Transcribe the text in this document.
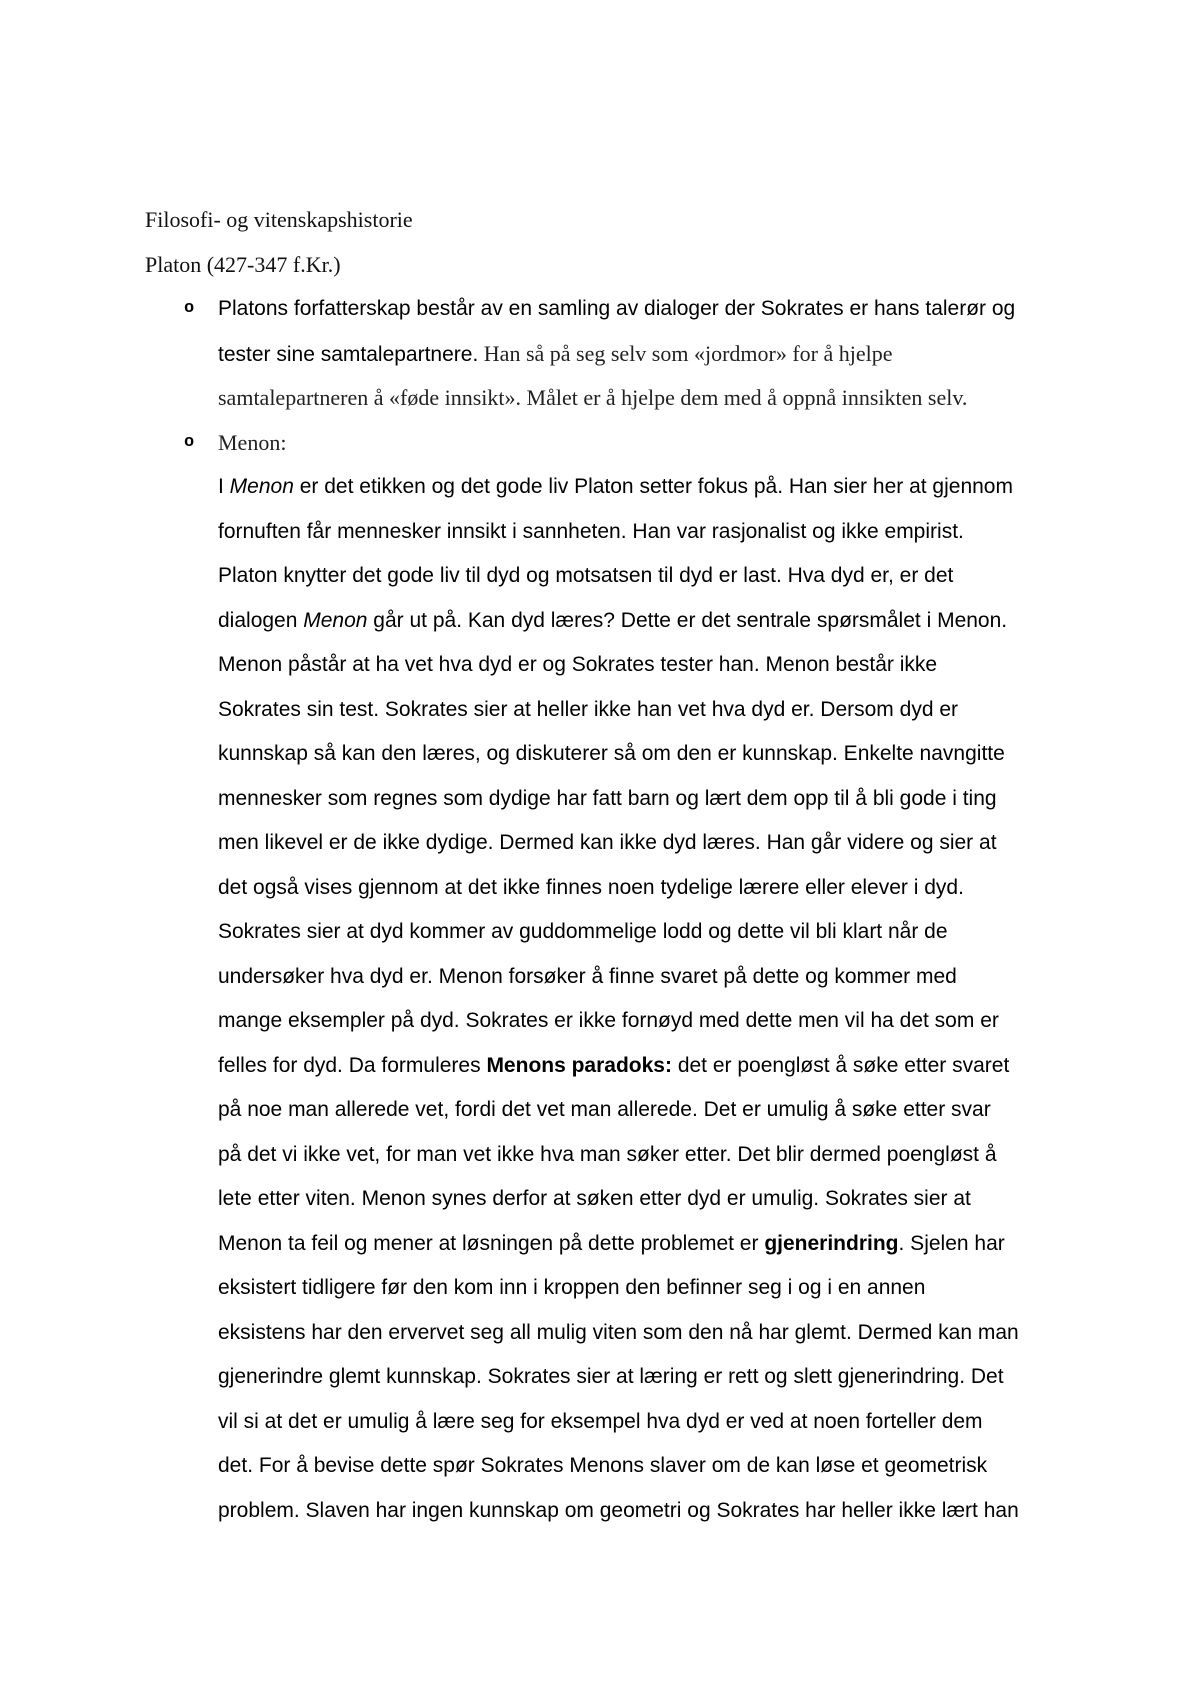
Filosofi- og vitenskapshistorie
Platon (427-347 f.Kr.)
o Platons forfatterskap består av en samling av dialoger der Sokrates er hans talerør og
tester sine samtalepartnere. Han så på seg selv som «jordmor» for å hjelpe
samtalepartneren å «føde innsikt». Målet er å hjelpe dem med å oppnå innsikten selv.
o Menon:
I Menon er det etikken og det gode liv Platon setter fokus på. Han sier her at gjennom
fornuften får mennesker innsikt i sannheten. Han var rasjonalist og ikke empirist.
Platon knytter det gode liv til dyd og motsatsen til dyd er last. Hva dyd er, er det
dialogen Menon går ut på. Kan dyd læres? Dette er det sentrale spørsmålet i Menon.
Menon påstår at ha vet hva dyd er og Sokrates tester han. Menon består ikke
Sokrates sin test. Sokrates sier at heller ikke han vet hva dyd er. Dersom dyd er
kunnskap så kan den læres, og diskuterer så om den er kunnskap. Enkelte navngitte
mennesker som regnes som dydige har fatt barn og lært dem opp til å bli gode i ting
men likevel er de ikke dydige. Dermed kan ikke dyd læres. Han går videre og sier at
det også vises gjennom at det ikke finnes noen tydelige lærere eller elever i dyd.
Sokrates sier at dyd kommer av guddommelige lodd og dette vil bli klart når de
undersøker hva dyd er. Menon forsøker å finne svaret på dette og kommer med
mange eksempler på dyd. Sokrates er ikke fornøyd med dette men vil ha det som er
felles for dyd. Da formuleres Menons paradoks: det er poengløst å søke etter svaret
på noe man allerede vet, fordi det vet man allerede. Det er umulig å søke etter svar
på det vi ikke vet, for man vet ikke hva man søker etter. Det blir dermed poengløst å
lete etter viten. Menon synes derfor at søken etter dyd er umulig. Sokrates sier at
Menon ta feil og mener at løsningen på dette problemet er gjenerindring. Sjelen har
eksistert tidligere før den kom inn i kroppen den befinner seg i og i en annen
eksistens har den ervervet seg all mulig viten som den nå har glemt. Dermed kan man
gjenerindre glemt kunnskap. Sokrates sier at læring er rett og slett gjenerindring. Det
vil si at det er umulig å lære seg for eksempel hva dyd er ved at noen forteller dem
det. For å bevise dette spør Sokrates Menons slaver om de kan løse et geometrisk
problem. Slaven har ingen kunnskap om geometri og Sokrates har heller ikke lært han
